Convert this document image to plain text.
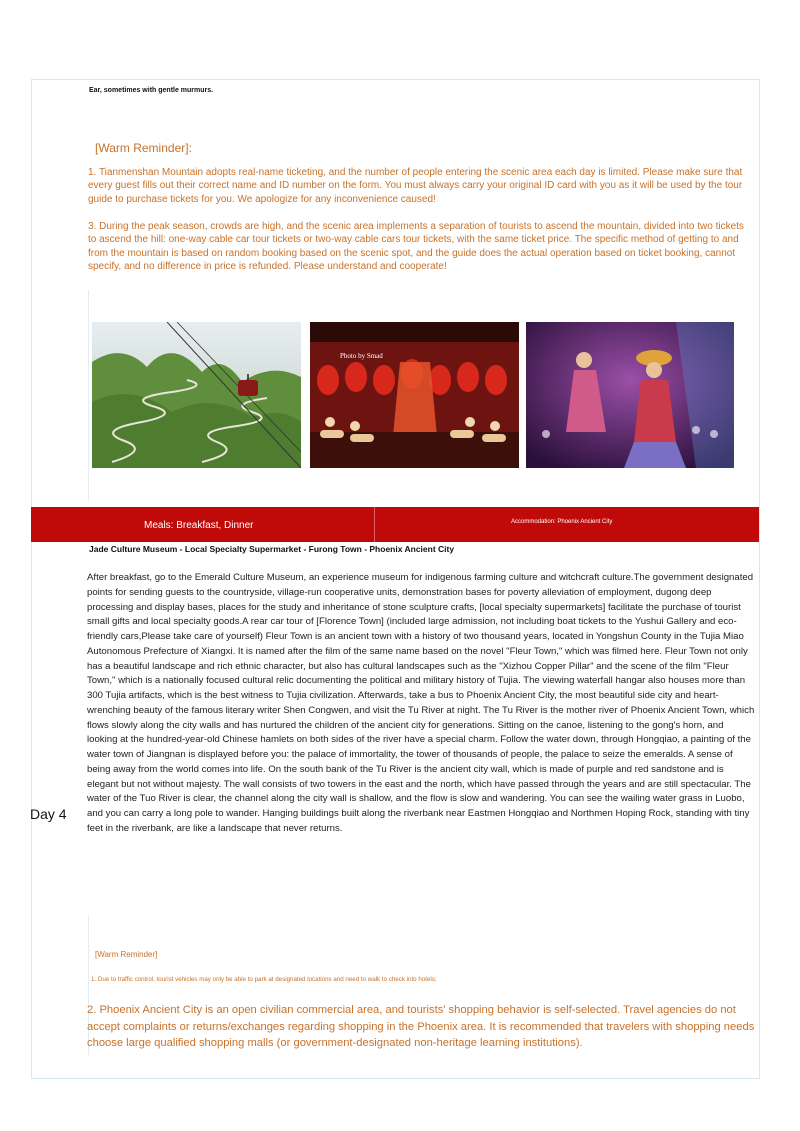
Ear, sometimes with gentle murmurs.
[Warm Reminder]:
1. Tianmenshan Mountain adopts real-name ticketing, and the number of people entering the scenic area each day is limited. Please make sure that every guest fills out their correct name and ID number on the form. You must always carry your original ID card with you as it will be used by the tour guide to purchase tickets for you. We apologize for any inconvenience caused!
3. During the peak season, crowds are high, and the scenic area implements a separation of tourists to ascend the mountain, divided into two tickets to ascend the hill: one-way cable car tour tickets or two-way cable cars tour tickets, with the same ticket price. The specific method of getting to and from the mountain is based on random booking based on the scenic spot, and the guide does the actual operation based on ticket booking, cannot specify, and no difference in price is refunded. Please understand and cooperate!
Photo by Smad
Meals: Breakfast, Dinner	Accommodation: Phoenix Ancient City
Jade Culture Museum - Local Specialty Supermarket - Furong Town - Phoenix Ancient City
Day 4
After breakfast, go to the Emerald Culture Museum, an experience museum for indigenous farming culture and witchcraft culture.The government designated points for sending guests to the countryside, village-run cooperative units, demonstration bases for poverty alleviation of employment, dugong deep processing and display bases, places for the study and inheritance of stone sculpture crafts, [local specialty supermarkets] facilitate the purchase of tourist small gifts and local specialty goods.A rear car tour of [Florence Town] (included large admission, not including boat tickets to the Yushui Gallery and eco-friendly cars,Please take care of yourself) Fleur Town is an ancient town with a history of two thousand years, located in Yongshun County in the Tujia Miao Autonomous Prefecture of Xiangxi. It is named after the film of the same name based on the novel "Fleur Town," which was filmed here. Fleur Town not only has a beautiful landscape and rich ethnic character, but also has cultural landscapes such as the "Xizhou Copper Pillar" and the scene of the film "Fleur Town," which is a nationally focused cultural relic documenting the political and military history of Tujia. The viewing waterfall hangar also houses more than 300 Tujia artifacts, which is the best witness to Tujia civilization. Afterwards, take a bus to Phoenix Ancient City, the most beautiful side city and heart-wrenching beauty of the famous literary writer Shen Congwen, and visit the Tu River at night. The Tu River is the mother river of Phoenix Ancient Town, which flows slowly along the city walls and has nurtured the children of the ancient city for generations. Sitting on the canoe, listening to the gong's horn, and looking at the hundred-year-old Chinese hamlets on both sides of the river have a special charm. Follow the water down, through Hongqiao, a painting of the water town of Jiangnan is displayed before you: the palace of immortality, the tower of thousands of people, the palace to seize the emeralds. A sense of being away from the world comes into life. On the south bank of the Tu River is the ancient city wall, which is made of purple and red sandstone and is elegant but not without majesty. The wall consists of two towers in the east and the north, which have passed through the years and are still spectacular. The water of the Tuo River is clear, the channel along the city wall is shallow, and the flow is slow and wandering. You can see the wailing water grass in Luobo, and you can carry a long pole to wander. Hanging buildings built along the riverbank near Eastmen Hongqiao and Northmen Hoping Rock, standing with tiny feet in the riverbank, are like a landscape that never returns.
[Warm Reminder]
1. Due to traffic control, tourist vehicles may only be able to park at designated locations and need to walk to check into hotels;
2. Phoenix Ancient City is an open civilian commercial area, and tourists' shopping behavior is self-selected. Travel agencies do not accept complaints or returns/exchanges regarding shopping in the Phoenix area. It is recommended that travelers with shopping needs choose large qualified shopping malls (or government-designated non-heritage learning institutions).
